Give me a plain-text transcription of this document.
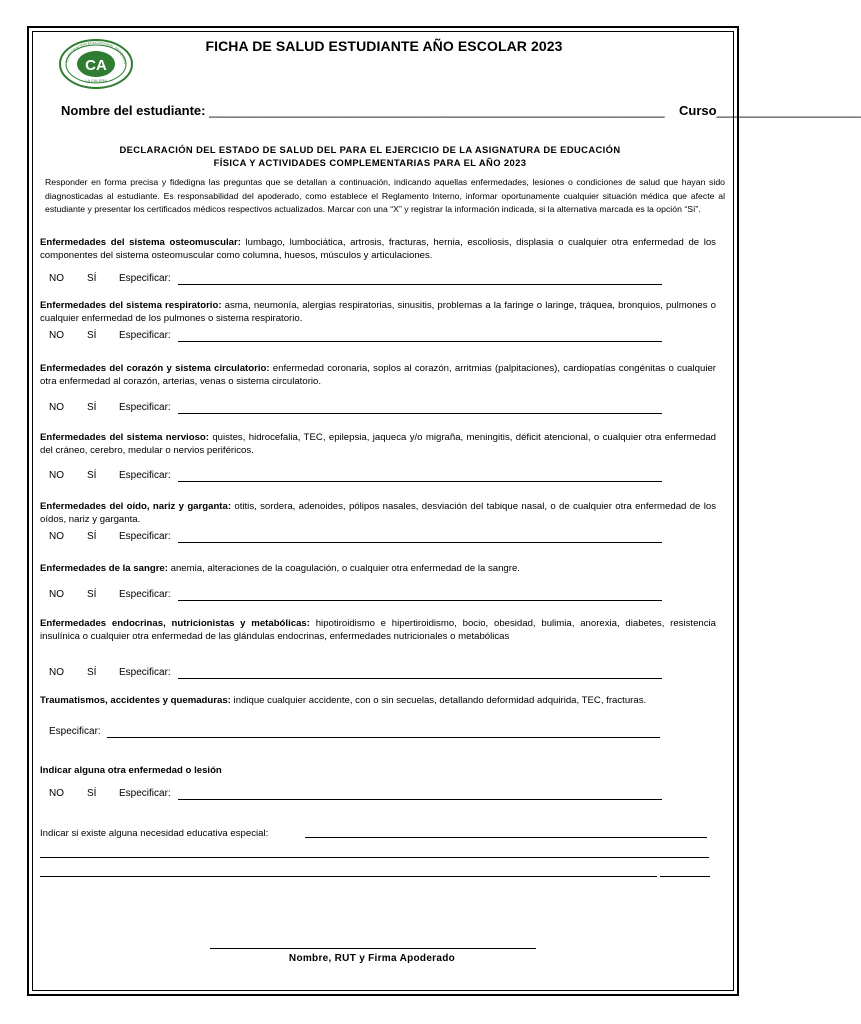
CA
CORPORACIÓN EDUCACIONAL APOQUIND
LA CALERA
FICHA DE SALUD ESTUDIANTE AÑO ESCOLAR 2023
Nombre del estudiante: _______________________________________________________________ Curso____________________
DECLARACIÓN DEL ESTADO DE SALUD DEL PARA EL EJERCICIO DE LA ASIGNATURA DE EDUCACIÓN
FÍSICA Y ACTIVIDADES COMPLEMENTARIAS PARA EL AÑO 2023
Responder en forma precisa y fidedigna las preguntas que se detallan a continuación, indicando aquellas enfermedades, lesiones o condiciones de salud que hayan sido diagnosticadas al estudiante. Es responsabilidad del apoderado, como establece el Reglamento Interno, informar oportunamente cualquier situación médica que afecte al estudiante y presentar los certificados médicos respectivos actualizados. Marcar con una “X” y registrar la información indicada, si la alternativa marcada es la opción “Sí”.
Enfermedades del sistema osteomuscular: lumbago, lumbociática, artrosis, fracturas, hernia, escoliosis, displasia o cualquier otra enfermedad de los componentes del sistema osteomuscular como columna, huesos, músculos y articulaciones.
Enfermedades del sistema respiratorio: asma, neumonía, alergias respiratorias, sinusitis, problemas a la faringe o laringe, tráquea, bronquios, pulmones o cualquier enfermedad de los pulmones o sistema respiratorio.
Enfermedades del corazón y sistema circulatorio: enfermedad coronaria, soplos al corazón, arritmias (palpitaciones), cardiopatías congénitas o cualquier otra enfermedad al corazón, arterias, venas o sistema circulatorio.
Enfermedades del sistema nervioso: quistes, hidrocefalia, TEC, epilepsia, jaqueca y/o migraña, meningitis, déficit atencional, o cualquier otra enfermedad del cráneo, cerebro, medular o nervios periféricos.
Enfermedades del oído, nariz y garganta: otitis, sordera, adenoides, pólipos nasales, desviación del tabique nasal, o de cualquier otra enfermedad de los oídos, nariz y garganta.
Enfermedades de la sangre: anemia, alteraciones de la coagulación, o cualquier otra enfermedad de la sangre.
Enfermedades endocrinas, nutricionistas y metabólicas: hipotiroidismo e hipertiroidismo, bocio, obesidad, bulimia, anorexia, diabetes, resistencia insulínica o cualquier otra enfermedad de las glándulas endocrinas, enfermedades nutricionales o metabólicas
Traumatismos, accidentes y quemaduras: indique cualquier accidente, con o sin secuelas, detallando deformidad adquirida, TEC, fracturas.
Indicar alguna otra enfermedad o lesión
NO SÍ Especificar:
NO SÍ Especificar:
NO SÍ Especificar:
NO SÍ Especificar:
NO SÍ Especificar:
NO SÍ Especificar:
NO SÍ Especificar:
Especificar:
NO SÍ Especificar:
Indicar si existe alguna necesidad educativa especial:
Nombre, RUT y Firma Apoderado
